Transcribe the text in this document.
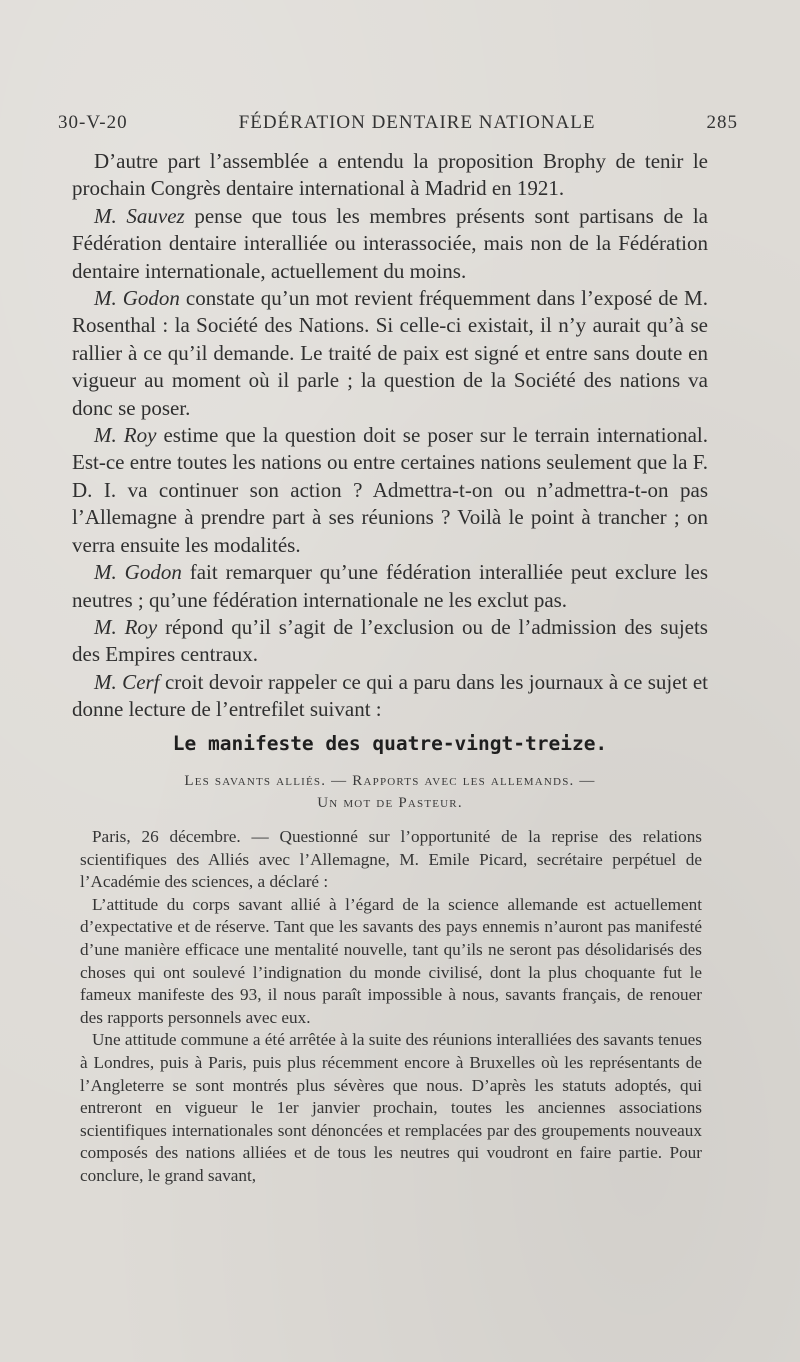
30-V-20	FÉDÉRATION DENTAIRE NATIONALE	285

D’autre part l’assemblée a entendu la proposition Brophy de tenir le prochain Congrès dentaire international à Madrid en 1921.

M. Sauvez pense que tous les membres présents sont partisans de la Fédération dentaire interalliée ou interassociée, mais non de la Fédération dentaire internationale, actuellement du moins.

M. Godon constate qu’un mot revient fréquemment dans l’exposé de M. Rosenthal : la Société des Nations. Si celle-ci existait, il n’y aurait qu’à se rallier à ce qu’il demande. Le traité de paix est signé et entre sans doute en vigueur au moment où il parle ; la question de la Société des nations va donc se poser.

M. Roy estime que la question doit se poser sur le terrain international. Est-ce entre toutes les nations ou entre certaines nations seulement que la F. D. I. va continuer son action ? Admettra-t-on ou n’admettra-t-on pas l’Allemagne à prendre part à ses réunions ? Voilà le point à trancher ; on verra ensuite les modalités.

M. Godon fait remarquer qu’une fédération interalliée peut exclure les neutres ; qu’une fédération internationale ne les exclut pas.

M. Roy répond qu’il s’agit de l’exclusion ou de l’admission des sujets des Empires centraux.

M. Cerf croit devoir rappeler ce qui a paru dans les journaux à ce sujet et donne lecture de l’entrefilet suivant :

Le manifeste des quatre-vingt-treize.
Les savants alliés. — Rapports avec les allemands. —
Un mot de Pasteur.

Paris, 26 décembre. — Questionné sur l’opportunité de la reprise des relations scientifiques des Alliés avec l’Allemagne, M. Emile Picard, secrétaire perpétuel de l’Académie des sciences, a déclaré :

L’attitude du corps savant allié à l’égard de la science allemande est actuellement d’expectative et de réserve. Tant que les savants des pays ennemis n’auront pas manifesté d’une manière efficace une mentalité nouvelle, tant qu’ils ne seront pas désolidarisés des choses qui ont soulevé l’indignation du monde civilisé, dont la plus choquante fut le fameux manifeste des 93, il nous paraît impossible à nous, savants français, de renouer des rapports personnels avec eux.

Une attitude commune a été arrêtée à la suite des réunions interalliées des savants tenues à Londres, puis à Paris, puis plus récemment encore à Bruxelles où les représentants de l’Angleterre se sont montrés plus sévères que nous. D’après les statuts adoptés, qui entreront en vigueur le 1er janvier prochain, toutes les anciennes associations scientifiques internationales sont dénoncées et remplacées par des groupements nouveaux composés des nations alliées et de tous les neutres qui voudront en faire partie. Pour conclure, le grand savant,
